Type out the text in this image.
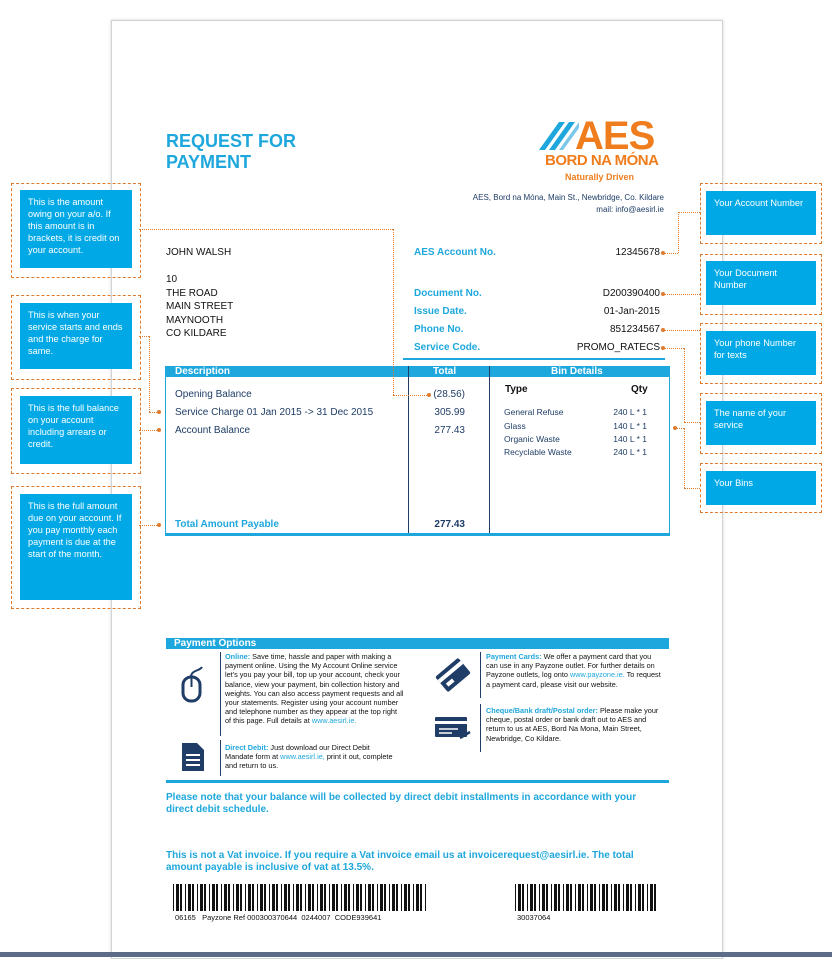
REQUEST FOR
PAYMENT
AES
BORD NA MÓNA
Naturally Driven
AES, Bord na Móna, Main St., Newbridge, Co. Kildare
mail: info@aesirl.ie
JOHN WALSH
10
THE ROAD
MAIN STREET
MAYNOOTH
CO KILDARE
AES Account No.	12345678
Document No.	D200390400
Issue Date.	01-Jan-2015
Phone No.	851234567
Service Code.	PROMO_RATECS
Description	Total	Bin Details
Opening Balance	(28.56)
Service Charge 01 Jan 2015 -> 31 Dec 2015	305.99
Account Balance	277.43
Type	Qty
General Refuse	240 L * 1
Glass	140 L * 1
Organic Waste	140 L * 1
Recyclable Waste	240 L * 1
Total Amount Payable	277.43
This is the amount owing on your a/o. If this amount is in brackets, it is credit on your account.
This is when your service starts and ends and the charge for same.
This is the full balance on your account including arrears or credit.
This is the full amount due on your account. If you pay monthly each payment is due at the start of the month.
Your Account Number
Your Document Number
Your phone Number for texts
The name of your service
Your Bins
Payment Options
Online: Save time, hassle and paper with making a payment online. Using the My Account Online service let's you pay your bill, top up your account, check your balance, view your payment, bin collection history and weights. You can also access payment requests and all your statements. Register using your account number and telephone number as they appear at the top right of this page. Full details at www.aesirl.ie.
Direct Debit: Just download our Direct Debit Mandate form at www.aesirl.ie, print it out, complete and return to us.
Payment Cards: We offer a payment card that you can use in any Payzone outlet. For further details on Payzone outlets, log onto www.payzone.ie. To request a payment card, please visit our website.
Cheque/Bank draft/Postal order: Please make your cheque, postal order or bank draft out to AES and return to us at AES, Bord Na Mona, Main Street, Newbridge, Co Kildare.
Please note that your balance will be collected by direct debit installments in accordance with your direct debit schedule.
This is not a Vat invoice. If you require a Vat invoice email us at invoicerequest@aesirl.ie. The total amount payable is inclusive of vat at 13.5%.
06165   Payzone Ref 000300370644  0244007  CODE939641	30037064
